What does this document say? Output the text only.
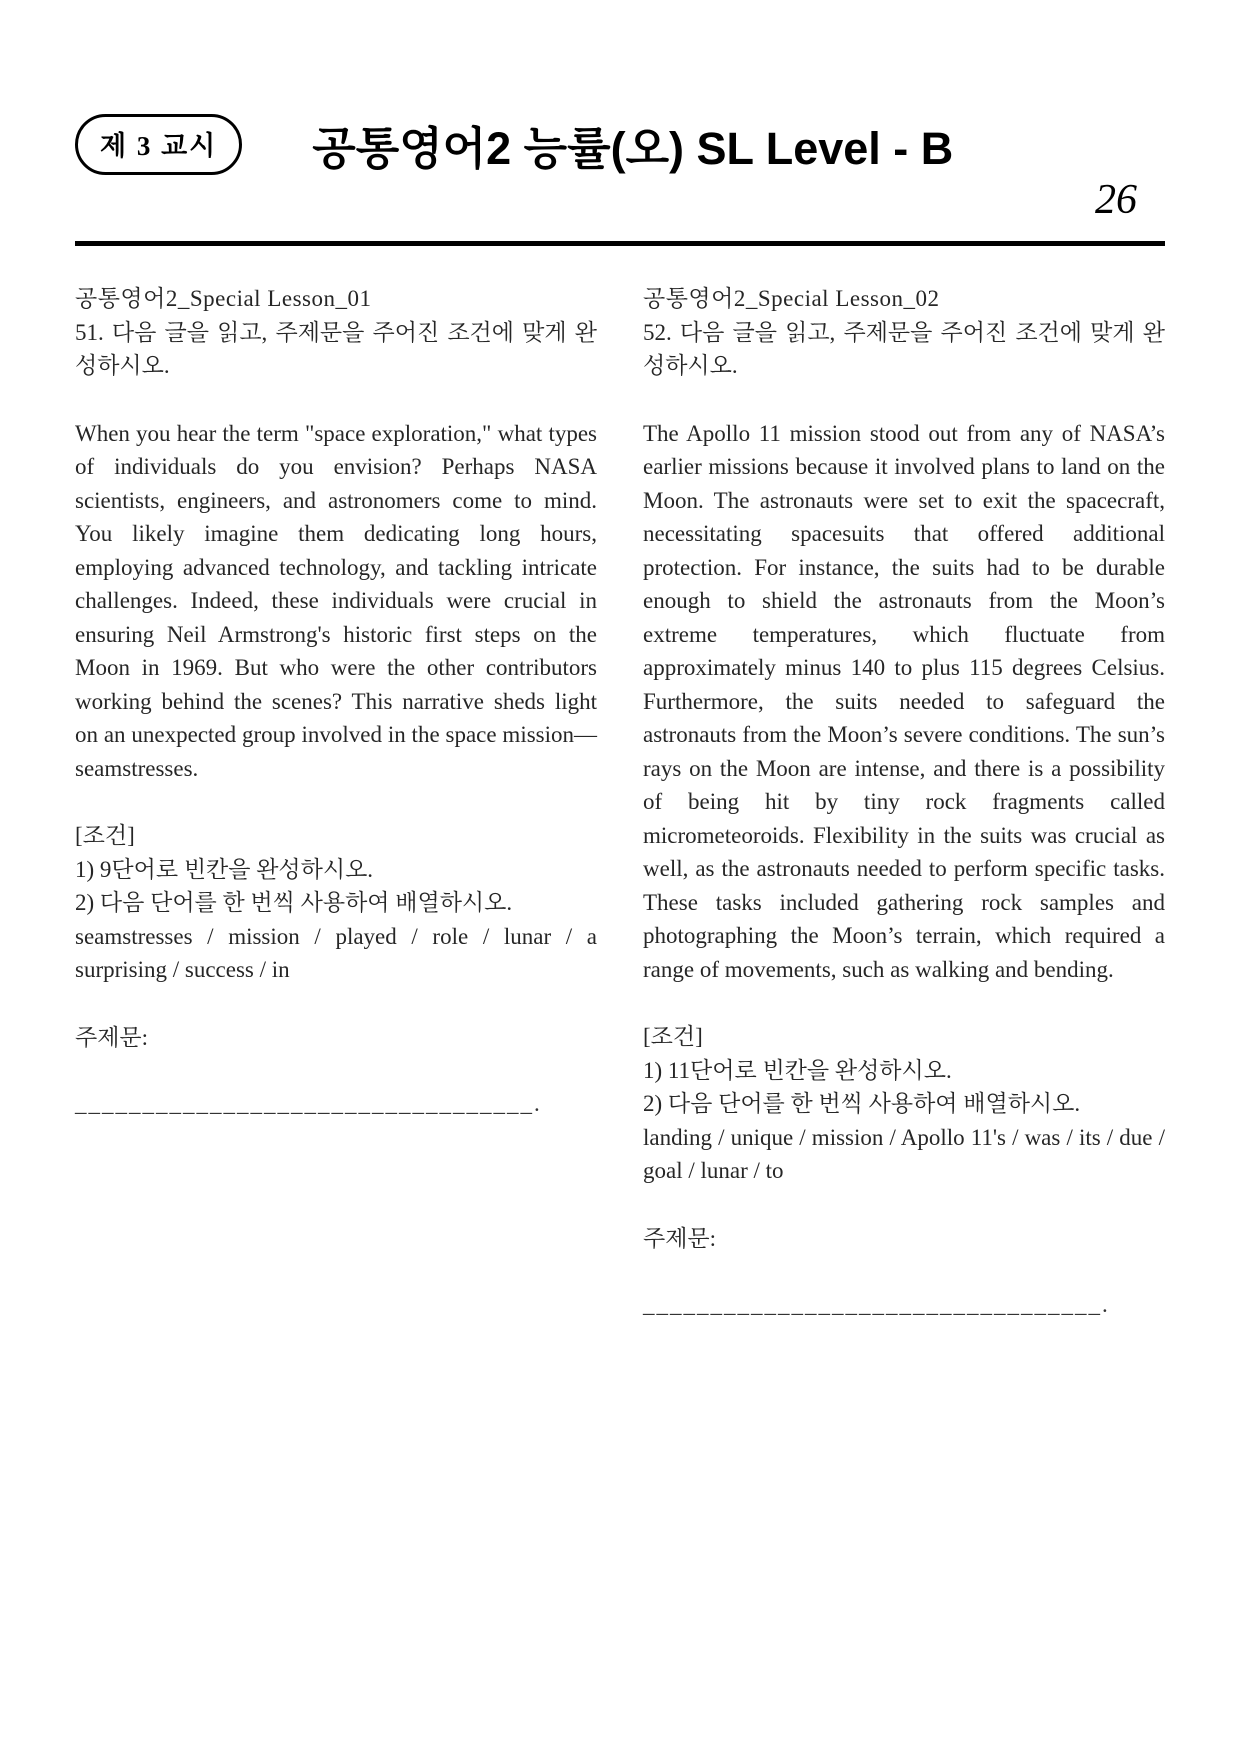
제 3 교시	공통영어2 능률(오) SL Level - B
26
공통영어2_Special Lesson_01

51. 다음 글을 읽고, 주제문을 주어진 조건에 맞게 완성하시오.

When you hear the term "space exploration," what types of individuals do you envision? Perhaps NASA scientists, engineers, and astronomers come to mind. You likely imagine them dedicating long hours, employing advanced technology, and tackling intricate challenges. Indeed, these individuals were crucial in ensuring Neil Armstrong's historic first steps on the Moon in 1969. But who were the other contributors working behind the scenes? This narrative sheds light on an unexpected group involved in the space mission—seamstresses.

[조건]
1) 9단어로 빈칸을 완성하시오.
2) 다음 단어를 한 번씩 사용하여 배열하시오.

seamstresses / mission / played / role / lunar / a surprising / success / in

주제문:
__________________________________.
공통영어2_Special Lesson_02

52. 다음 글을 읽고, 주제문을 주어진 조건에 맞게 완성하시오.

The Apollo 11 mission stood out from any of NASA’s earlier missions because it involved plans to land on the Moon. The astronauts were set to exit the spacecraft, necessitating spacesuits that offered additional protection. For instance, the suits had to be durable enough to shield the astronauts from the Moon’s extreme temperatures, which fluctuate from approximately minus 140 to plus 115 degrees Celsius. Furthermore, the suits needed to safeguard the astronauts from the Moon’s severe conditions. The sun’s rays on the Moon are intense, and there is a possibility of being hit by tiny rock fragments called micrometeoroids. Flexibility in the suits was crucial as well, as the astronauts needed to perform specific tasks. These tasks included gathering rock samples and photographing the Moon’s terrain, which required a range of movements, such as walking and bending.

[조건]
1) 11단어로 빈칸을 완성하시오.
2) 다음 단어를 한 번씩 사용하여 배열하시오.

landing / unique / mission / Apollo 11's / was / its / due / goal / lunar / to

주제문:
__________________________________.
